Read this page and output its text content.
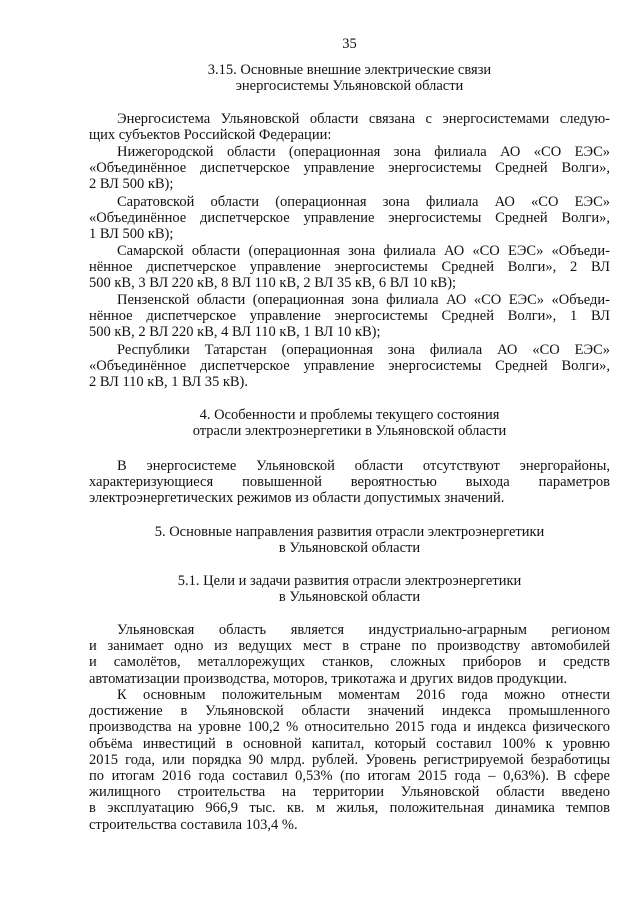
35

3.15. Основные внешние электрические связи
энергосистемы Ульяновской области

Энергосистема Ульяновской области связана с энергосистемами следую-
щих субъектов Российской Федерации:

Нижегородской области (операционная зона филиала АО «СО ЕЭС»
«Объединённое диспетчерское управление энергосистемы Средней Волги»,
2 ВЛ 500 кВ);

Саратовской области (операционная зона филиала АО «СО ЕЭС»
«Объединённое диспетчерское управление энергосистемы Средней Волги»,
1 ВЛ 500 кВ);

Самарской области (операционная зона филиала АО «СО ЕЭС» «Объеди-
нённое диспетчерское управление энергосистемы Средней Волги», 2 ВЛ
500 кВ, 3 ВЛ 220 кВ, 8 ВЛ 110 кВ, 2 ВЛ 35 кВ, 6 ВЛ 10 кВ);

Пензенской области (операционная зона филиала АО «СО ЕЭС» «Объеди-
нённое диспетчерское управление энергосистемы Средней Волги», 1 ВЛ
500 кВ, 2 ВЛ 220 кВ, 4 ВЛ 110 кВ, 1 ВЛ 10 кВ);

Республики Татарстан (операционная зона филиала АО «СО ЕЭС»
«Объединённое диспетчерское управление энергосистемы Средней Волги»,
2 ВЛ 110 кВ, 1 ВЛ 35 кВ).

4. Особенности и проблемы текущего состояния
отрасли электроэнергетики в Ульяновской области

В энергосистеме Ульяновской области отсутствуют энергорайоны,
характеризующиеся повышенной вероятностью выхода параметров
электроэнергетических режимов из области допустимых значений.

5. Основные направления развития отрасли электроэнергетики
в Ульяновской области
5.1. Цели и задачи развития отрасли электроэнергетики
в Ульяновской области

Ульяновская область является индустриально-аграрным регионом
и занимает одно из ведущих мест в стране по производству автомобилей
и самолётов, металлорежущих станков, сложных приборов и средств
автоматизации производства, моторов, трикотажа и других видов продукции.

К основным положительным моментам 2016 года можно отнести
достижение в Ульяновской области значений индекса промышленного
производства на уровне 100,2 % относительно 2015 года и индекса физического
объёма инвестиций в основной капитал, который составил 100% к уровню
2015 года, или порядка 90 млрд. рублей. Уровень регистрируемой безработицы
по итогам 2016 года составил 0,53% (по итогам 2015 года – 0,63%). В сфере
жилищного строительства на территории Ульяновской области введено
в эксплуатацию 966,9 тыс. кв. м жилья, положительная динамика темпов
строительства составила 103,4 %.
